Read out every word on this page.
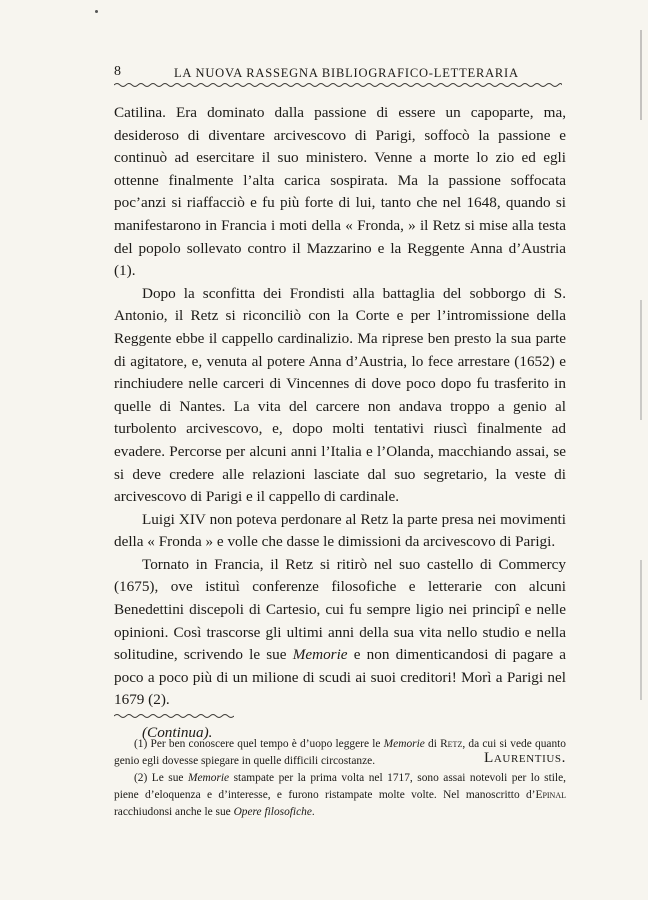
8	LA NUOVA RASSEGNA BIBLIOGRAFICO-LETTERARIA

Catilina. Era dominato dalla passione di essere un capoparte, ma, desideroso di diventare arcivescovo di Parigi, soffocò la passione e continuò ad esercitare il suo ministero. Venne a morte lo zio ed egli ottenne finalmente l’alta carica sospirata. Ma la passione soffocata poc’anzi si riaffacciò e fu più forte di lui, tanto che nel 1648, quando si manifestarono in Francia i moti della « Fronda, » il Retz si mise alla testa del popolo sollevato contro il Mazzarino e la Reggente Anna d’Austria (1).

Dopo la sconfitta dei Frondisti alla battaglia del sobborgo di S. Antonio, il Retz si riconciliò con la Corte e per l’intromissione della Reggente ebbe il cappello cardinalizio. Ma riprese ben presto la sua parte di agitatore, e, venuta al potere Anna d’Austria, lo fece arrestare (1652) e rinchiudere nelle carceri di Vincennes di dove poco dopo fu trasferito in quelle di Nantes. La vita del carcere non andava troppo a genio al turbolento arcivescovo, e, dopo molti tentativi riuscì finalmente ad evadere. Percorse per alcuni anni l’Italia e l’Olanda, macchiando assai, se si deve credere alle relazioni lasciate dal suo segretario, la veste di arcivescovo di Parigi e il cappello di cardinale.

Luigi XIV non poteva perdonare al Retz la parte presa nei movimenti della « Fronda » e volle che dasse le dimissioni da arcivescovo di Parigi.

Tornato in Francia, il Retz si ritirò nel suo castello di Commercy (1675), ove istituì conferenze filosofiche e letterarie con alcuni Benedettini discepoli di Cartesio, cui fu sempre ligio nei principî e nelle opinioni. Così trascorse gli ultimi anni della sua vita nello studio e nella solitudine, scrivendo le sue Memorie e non dimenticandosi di pagare a poco a poco più di un milione di scudi ai suoi creditori! Morì a Parigi nel 1679 (2).

(Continua).

Laurentius.

(1) Per ben conoscere quel tempo è d’uopo leggere le Memorie di Retz, da cui si vede quanto genio egli dovesse spiegare in quelle difficili circostanze.

(2) Le sue Memorie stampate per la prima volta nel 1717, sono assai notevoli per lo stile, piene d’eloquenza e d’interesse, e furono ristampate molte volte. Nel manoscritto d’Epinal racchiudonsi anche le sue Opere filosofiche.
